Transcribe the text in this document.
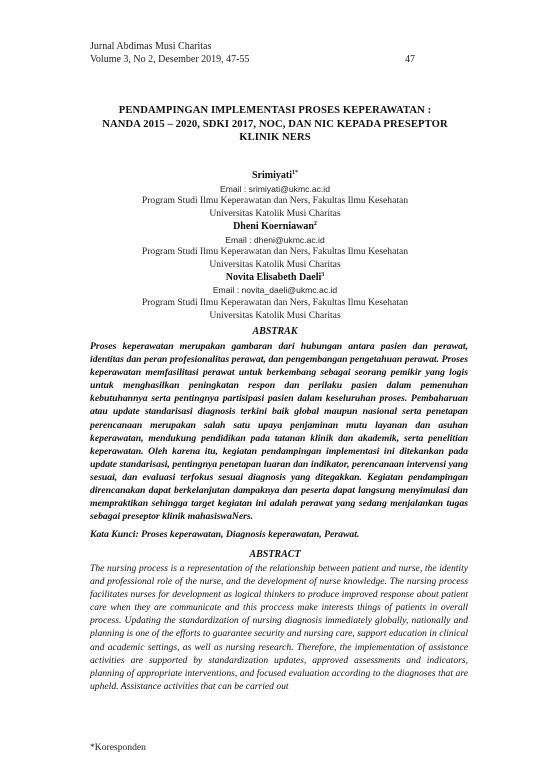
Jurnal Abdimas Musi Charitas
Volume 3, No 2, Desember 2019, 47-55	47
PENDAMPINGAN IMPLEMENTASI PROSES KEPERAWATAN :
NANDA 2015 – 2020, SDKI 2017, NOC, DAN NIC KEPADA PRESEPTOR
KLINIK NERS
Srimiyati$^{1*}$
Email : srimiyati@ukmc.ac.id
Program Studi Ilmu Keperawatan dan Ners, Fakultas Ilmu Kesehatan
Universitas Katolik Musi Charitas
Dheni Koerniawan$^2$
Email : dheni@ukmc.ac.id
Program Studi Ilmu Keperawatan dan Ners, Fakultas Ilmu Kesehatan
Universitas Katolik Musi Charitas
Novita Elisabeth Daeli$^3$
Email : novita_daeli@ukmc.ac.id
Program Studi Ilmu Keperawatan dan Ners, Fakultas Ilmu Kesehatan
Universitas Katolik Musi Charitas
ABSTRAK
Proses keperawatan merupakan gambaran dari hubungan antara pasien dan perawat, identitas dan peran profesionalitas perawat, dan pengembangan pengetahuan perawat. Proses keperawatan memfasilitasi perawat untuk berkembang sebagai seorang pemikir yang logis untuk menghasilkan peningkatan respon dan perilaku pasien dalam pemenuhan kebutuhannya serta pentingnya partisipasi pasien dalam keseluruhan proses. Pembaharuan atau update standarisasi diagnosis terkini baik global maupun nasional serta penetapan perencanaan merupakan salah satu upaya penjaminan mutu layanan dan asuhan keperawatan, mendukung pendidikan pada tatanan klinik dan akademik, serta penelitian keperawatan. Oleh karena itu, kegiatan pendampingan implementasi ini ditekankan pada update standarisasi, pentingnya penetapan luaran dan indikator, perencanaan intervensi yang sesuai, dan evaluasi terfokus sesuai diagnosis yang ditegakkan. Kegiatan pendampingan direncanakan dapat berkelanjutan dampaknya dan peserta dapat langsung menyimulasi dan mempraktikan sehingga target kegiatan ini adalah perawat yang sedang menjalankan tugas sebagai preseptor klinik mahasiswaNers.
Kata Kunci: Proses keperawatan, Diagnosis keperawatan, Perawat.
ABSTRACT
The nursing process is a representation of the relationship between patient and nurse, the identity and professional role of the nurse, and the development of nurse knowledge. The nursing process facilitates nurses for development as logical thinkers to produce improved response about patient care when they are communicate and this proccess make interests things of patients in overall process. Updating the standardization of nursing diagnosis immediately globally, nationally and planning is one of the efforts to guarantee security and nursing care, support education in clinical and academic settings, as well as nursing research. Therefore, the implementation of assistance activities are supported by standardization updates, approved assessments and indicators, planning of appropriate interventions, and focused evaluation according to the diagnoses that are upheld. Assistance activities that can be carried out
*Koresponden
